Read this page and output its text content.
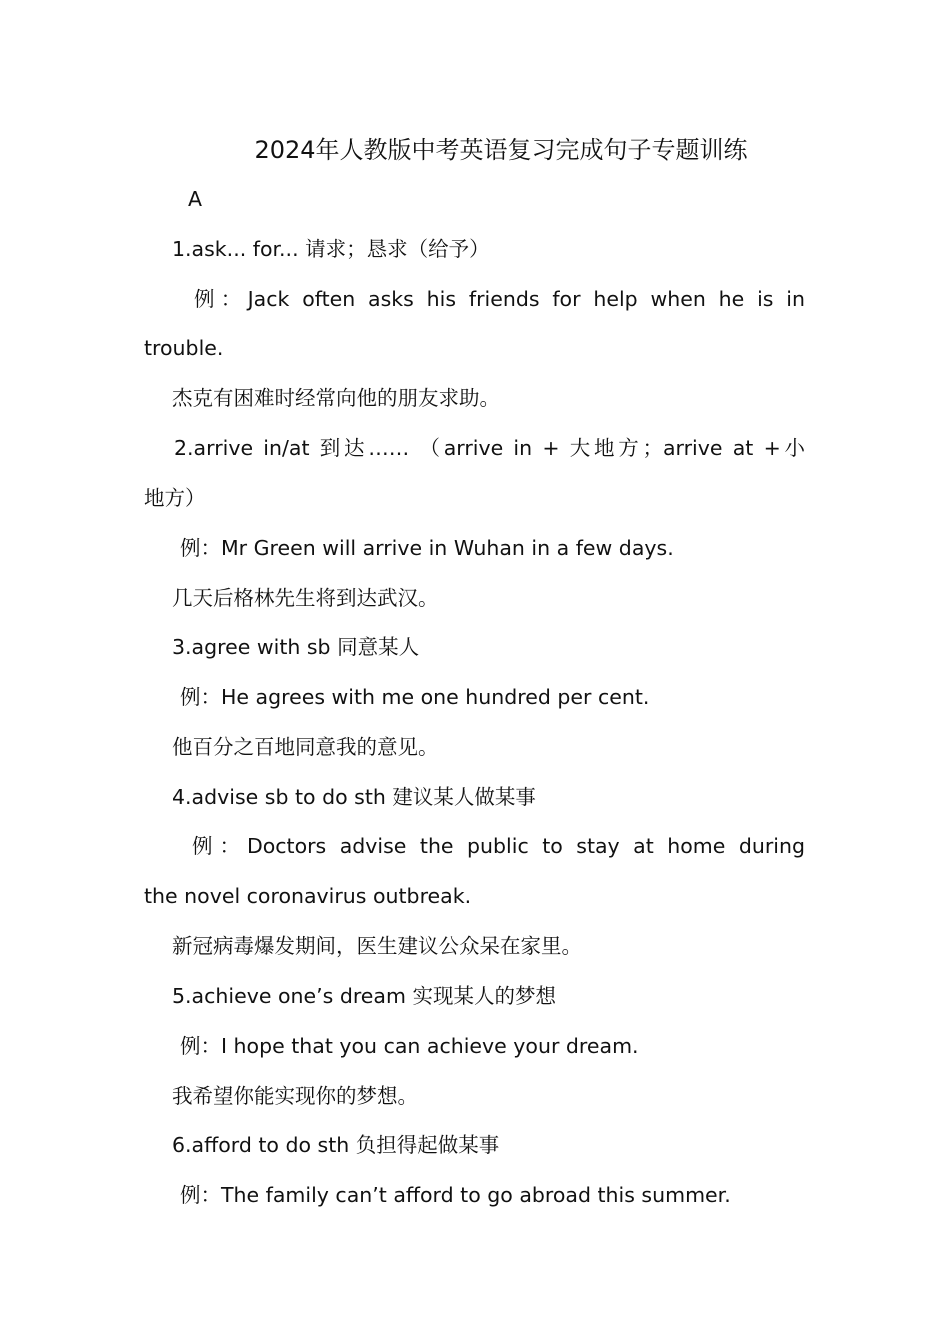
2024年人教版中考英语复习完成句子专题训练
A
1.ask... for... 请求；恳求（给予）
例：Jack often asks his friends for help when he is in
trouble.
杰克有困难时经常向他的朋友求助。
2.arrive in/at 到达…… （arrive in + 大地方；arrive at +小
地方）
例：Mr Green will arrive in Wuhan in a few days.
几天后格林先生将到达武汉。
3.agree with sb 同意某人
例：He agrees with me one hundred per cent.
他百分之百地同意我的意见。
4.advise sb to do sth 建议某人做某事
例：Doctors advise the public to stay at home during
the novel coronavirus outbreak.
新冠病毒爆发期间，医生建议公众呆在家里。
5.achieve one’s dream 实现某人的梦想
例：I hope that you can achieve your dream.
我希望你能实现你的梦想。
6.afford to do sth 负担得起做某事
例：The family can’t afford to go abroad this summer.
